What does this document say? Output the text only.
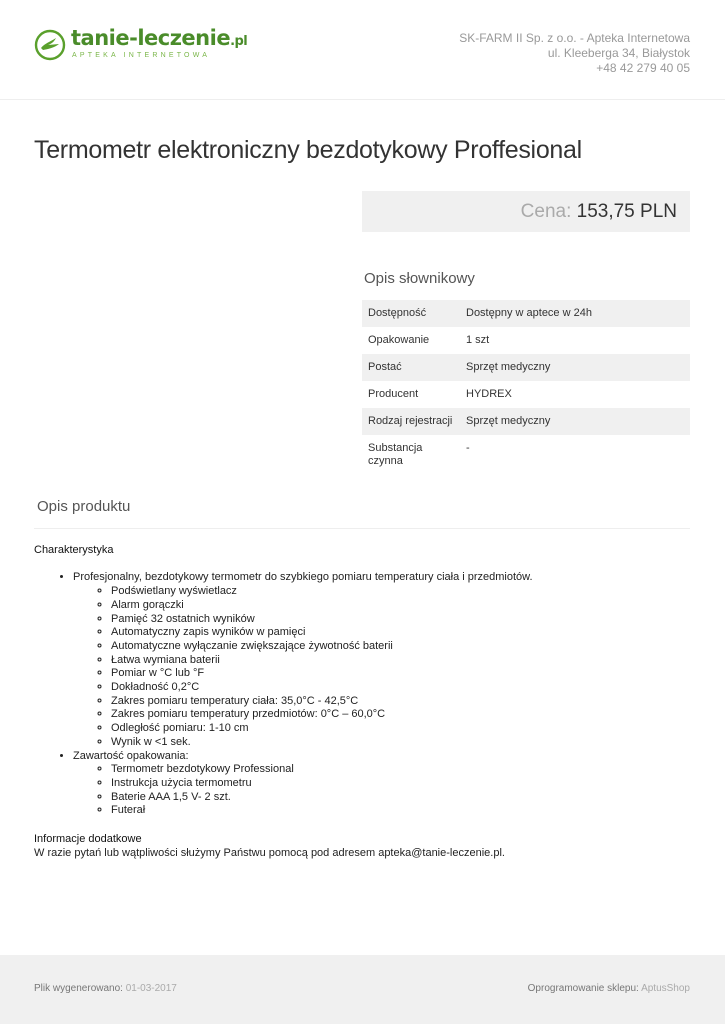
tanie-leczenie.pl
APTEKA INTERNETOWA
SK-FARM II Sp. z o.o. - Apteka Internetowa
ul. Kleeberga 34, Białystok
+48 42 279 40 05
Termometr elektroniczny bezdotykowy Proffesional
Cena: 153,75 PLN
Opis słownikowy
Dostępność	Dostępny w aptece w 24h
Opakowanie	1 szt
Postać	Sprzęt medyczny
Producent	HYDREX
Rodzaj rejestracji	Sprzęt medyczny
Substancja czynna	-
Opis produktu
Charakterystyka
• Profesjonalny, bezdotykowy termometr do szybkiego pomiaru temperatury ciała i przedmiotów.
◦ Podświetlany wyświetlacz
◦ Alarm gorączki
◦ Pamięć 32 ostatnich wyników
◦ Automatyczny zapis wyników w pamięci
◦ Automatyczne wyłączanie zwiększające żywotność baterii
◦ Łatwa wymiana baterii
◦ Pomiar w °C lub °F
◦ Dokładność 0,2°C
◦ Zakres pomiaru temperatury ciała: 35,0°C - 42,5°C
◦ Zakres pomiaru temperatury przedmiotów: 0°C – 60,0°C
◦ Odległość pomiaru: 1-10 cm
◦ Wynik w <1 sek.
• Zawartość opakowania:
◦ Termometr bezdotykowy Professional
◦ Instrukcja użycia termometru
◦ Baterie AAA 1,5 V- 2 szt.
◦ Futerał
Informacje dodatkowe

W razie pytań lub wątpliwości służymy Państwu pomocą pod adresem apteka@tanie-leczenie.pl.

Plik wygenerowano: 01-03-2017	Oprogramowanie sklepu: AptusShop
